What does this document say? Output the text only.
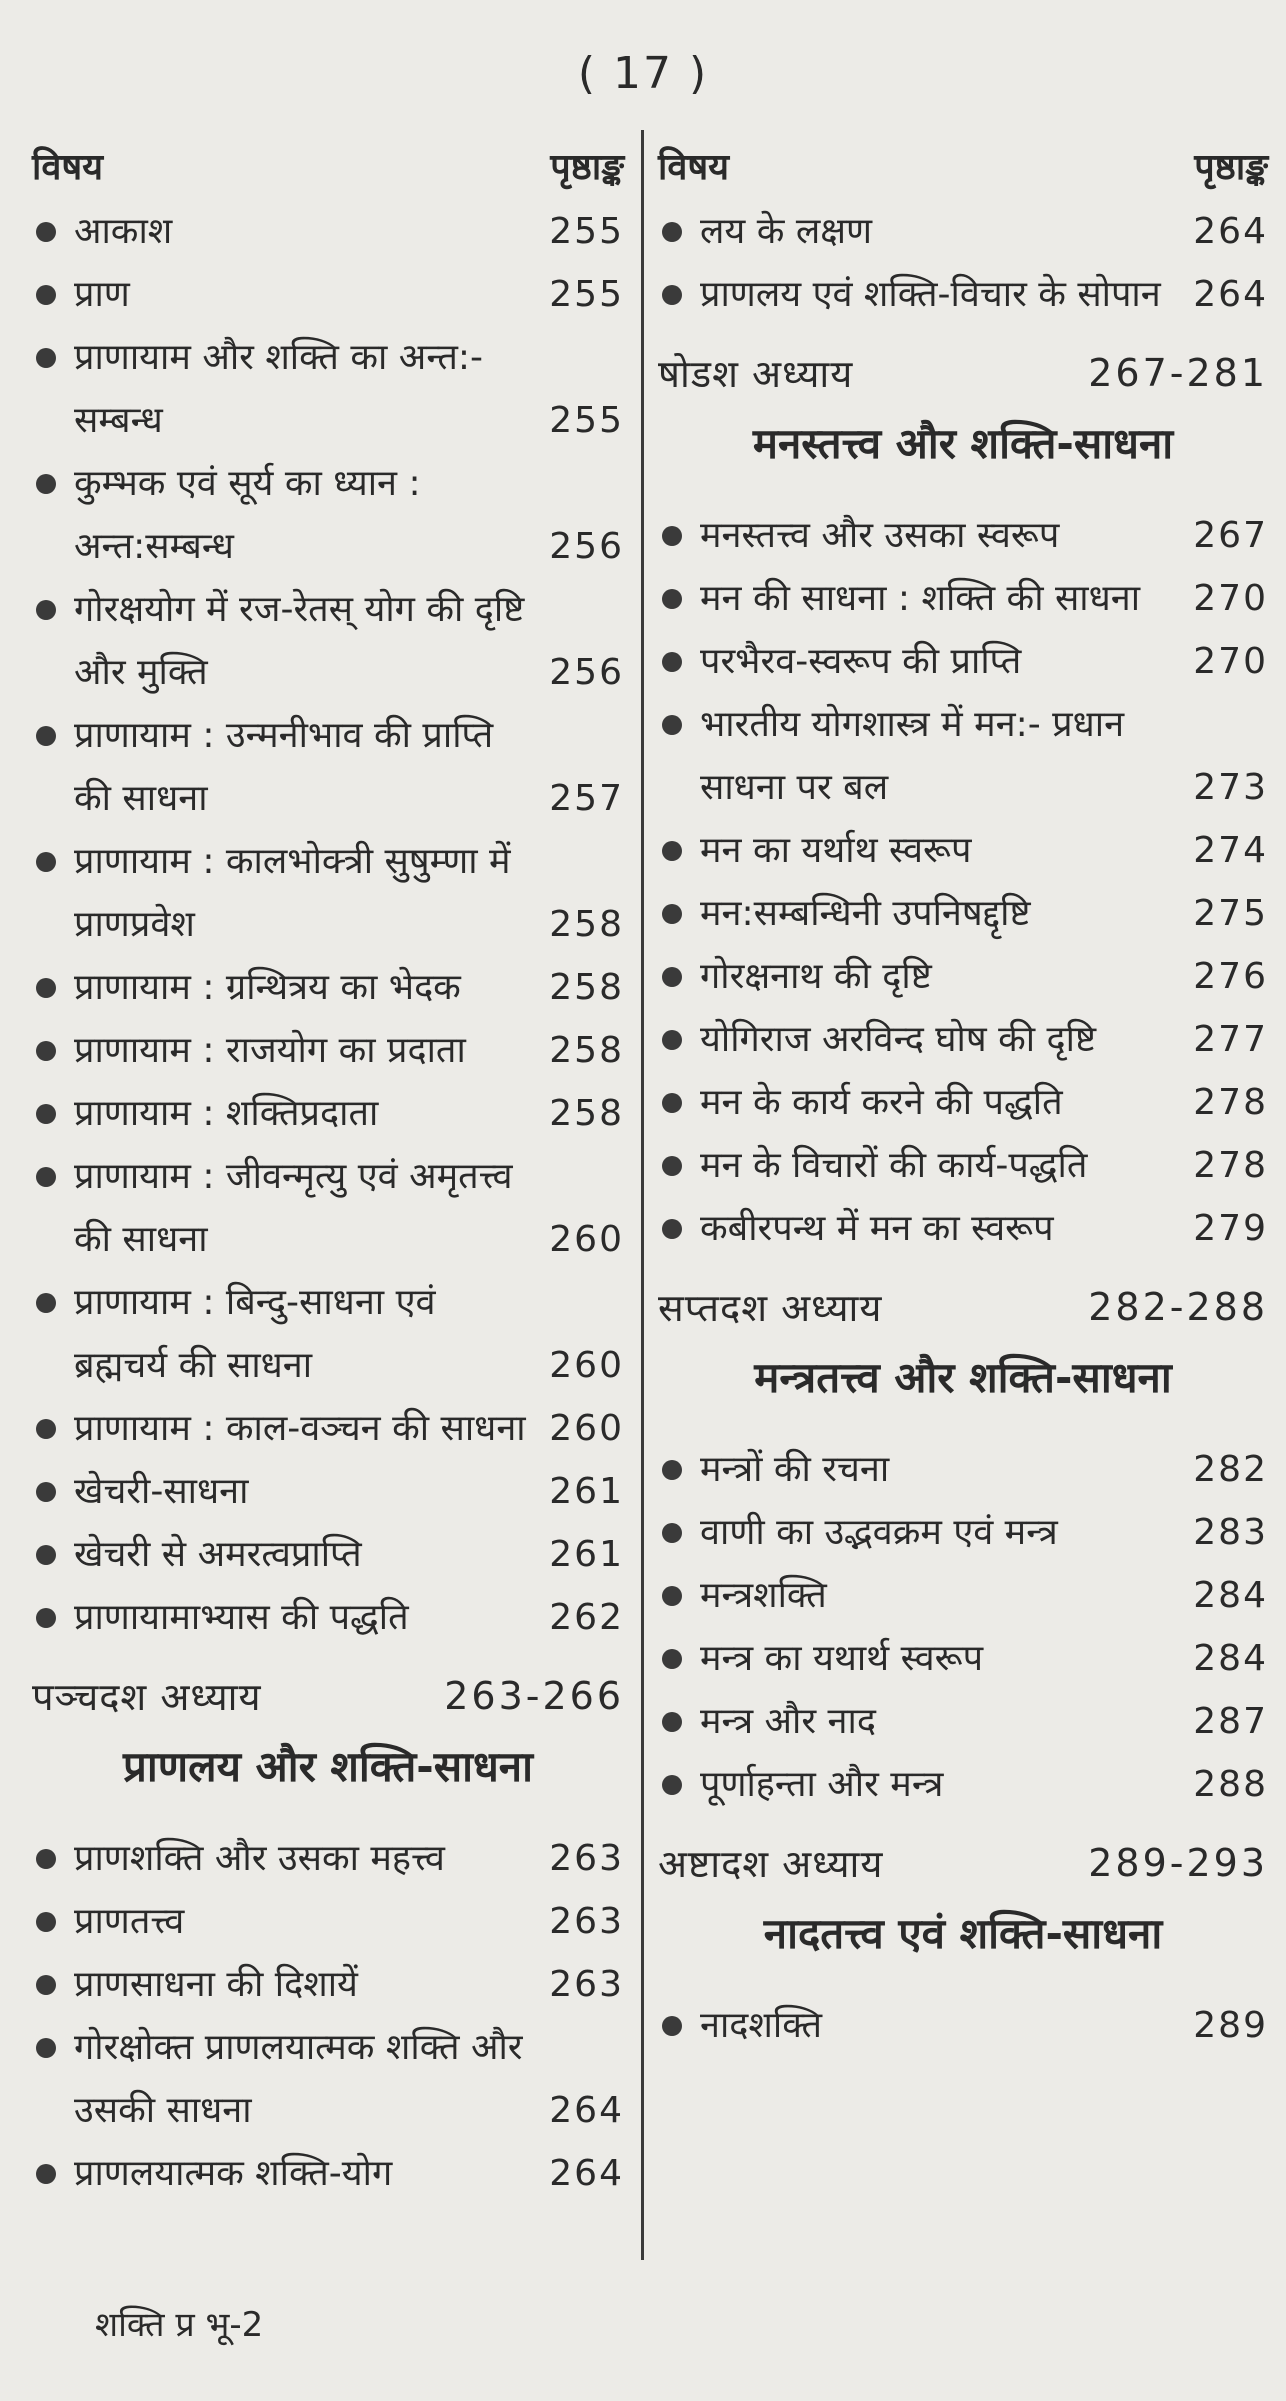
( 17 )
विषय	पृष्ठाङ्क
आकाश	255
प्राण	255
प्राणायाम और शक्ति का अन्त:- सम्बन्ध	255
कुम्भक एवं सूर्य का ध्यान : अन्त:सम्बन्ध	256
गोरक्षयोग में रज-रेतस् योग की दृष्टि और मुक्ति	256
प्राणायाम : उन्मनीभाव की प्राप्ति की साधना	257
प्राणायाम : कालभोक्त्री सुषुम्णा में प्राणप्रवेश	258
प्राणायाम : ग्रन्थित्रय का भेदक	258
प्राणायाम : राजयोग का प्रदाता	258
प्राणायाम : शक्तिप्रदाता	258
प्राणायाम : जीवन्मृत्यु एवं अमृतत्त्व की साधना	260
प्राणायाम : बिन्दु-साधना एवं ब्रह्मचर्य की साधना	260
प्राणायाम : काल-वञ्चन की साधना 260
खेचरी-साधना	261
खेचरी से अमरत्वप्राप्ति	261
प्राणायामाभ्यास की पद्धति	262
पञ्चदश अध्याय	263-266
प्राणलय और शक्ति-साधना
प्राणशक्ति और उसका महत्त्व	263
प्राणतत्त्व	263
प्राणसाधना की दिशायें	263
गोरक्षोक्त प्राणलयात्मक शक्ति और उसकी साधना	264
प्राणलयात्मक शक्ति-योग	264
विषय	पृष्ठाङ्क
लय के लक्षण	264
प्राणलय एवं शक्ति-विचार के सोपान 264
षोडश अध्याय	267-281
मनस्तत्त्व और शक्ति-साधना
मनस्तत्त्व और उसका स्वरूप	267
मन की साधना : शक्ति की साधना	270
परभैरव-स्वरूप की प्राप्ति	270
भारतीय योगशास्त्र में मन:- प्रधान साधना पर बल	273
मन का यर्थाथ स्वरूप	274
मन:सम्बन्धिनी उपनिषद्दृष्टि	275
गोरक्षनाथ की दृष्टि	276
योगिराज अरविन्द घोष की दृष्टि	277
मन के कार्य करने की पद्धति	278
मन के विचारों की कार्य-पद्धति	278
कबीरपन्थ में मन का स्वरूप	279
सप्तदश अध्याय	282-288
मन्त्रतत्त्व और शक्ति-साधना
मन्त्रों की रचना	282
वाणी का उद्भवक्रम एवं मन्त्र	283
मन्त्रशक्ति	284
मन्त्र का यथार्थ स्वरूप	284
मन्त्र और नाद	287
पूर्णाहन्ता और मन्त्र	288
अष्टादश अध्याय	289-293
नादतत्त्व एवं शक्ति-साधना
नादशक्ति	289
शक्ति प्र भू-2
